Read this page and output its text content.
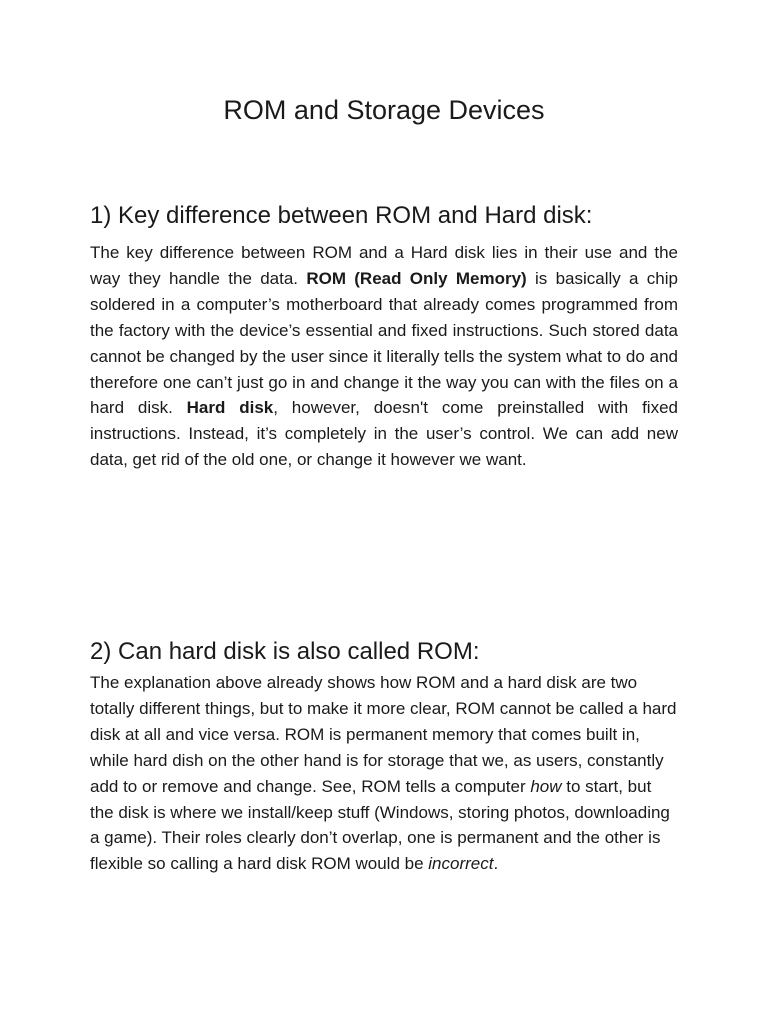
ROM and Storage Devices
1) Key difference between ROM and Hard disk:

The key difference between ROM and a Hard disk lies in their use and the way they handle the data. ROM (Read Only Memory) is basically a chip soldered in a computer’s motherboard that already comes programmed from the factory with the device’s essential and fixed instructions. Such stored data cannot be changed by the user since it literally tells the system what to do and therefore one can’t just go in and change it the way you can with the files on a hard disk. Hard disk, however, doesn't come preinstalled with fixed instructions. Instead, it’s completely in the user’s control. We can add new data, get rid of the old one, or change it however we want.

2) Can hard disk is also called ROM:

The explanation above already shows how ROM and a hard disk are two totally different things, but to make it more clear, ROM cannot be called a hard disk at all and vice versa. ROM is permanent memory that comes built in, while hard dish on the other hand is for storage that we, as users, constantly add to or remove and change. See, ROM tells a computer how to start, but the disk is where we install/keep stuff (Windows, storing photos, downloading a game). Their roles clearly don’t overlap, one is permanent and the other is flexible so calling a hard disk ROM would be incorrect.
